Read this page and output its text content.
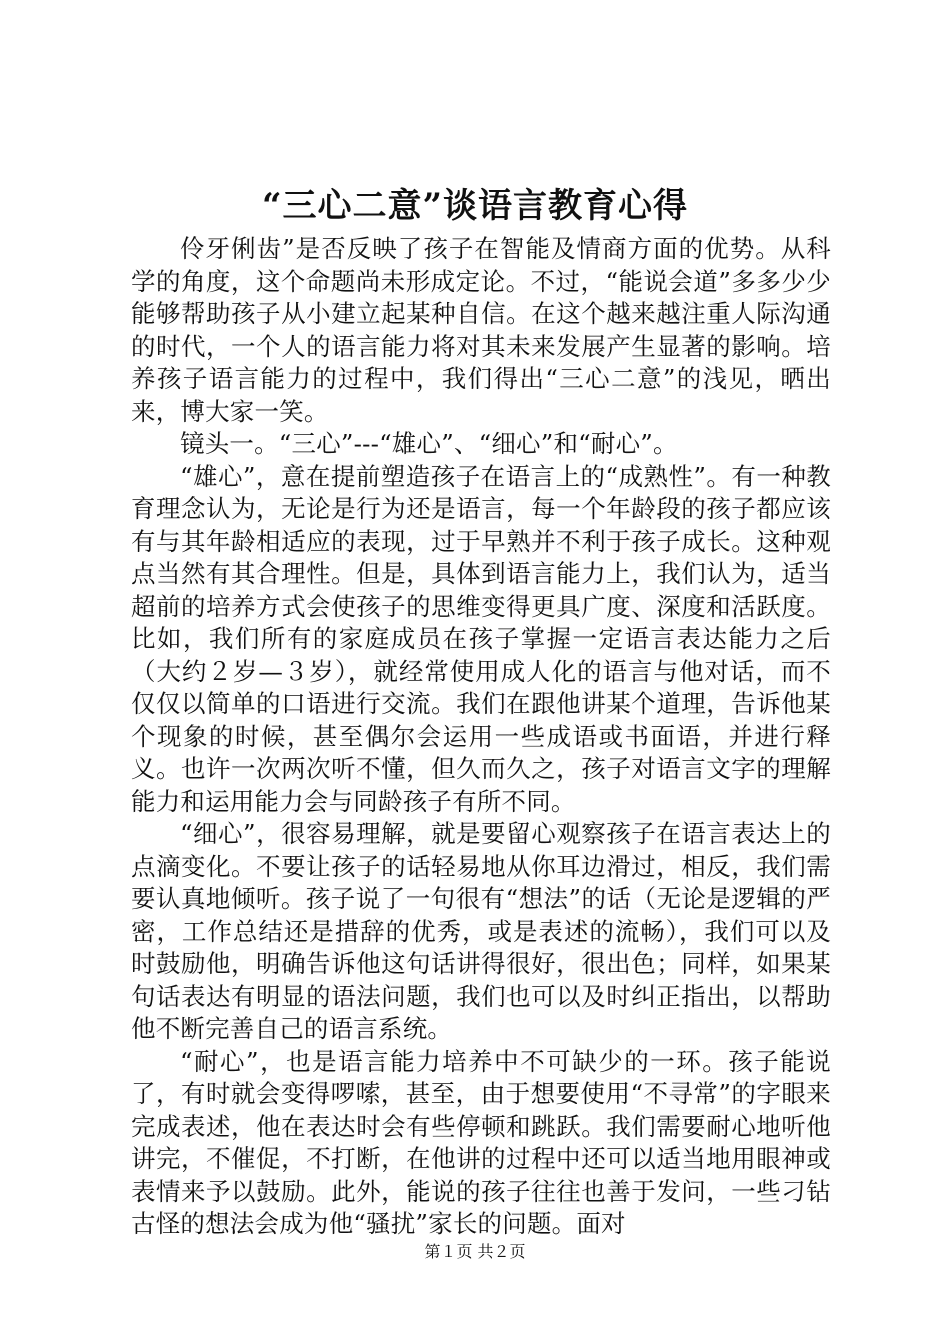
“三心二意”谈语言教育心得

伶牙俐齿”是否反映了孩子在智能及情商方面的优势。从科学的角度，这个命题尚未形成定论。不过，“能说会道”多多少少能够帮助孩子从小建立起某种自信。在这个越来越注重人际沟通的时代，一个人的语言能力将对其未来发展产生显著的影响。培养孩子语言能力的过程中，我们得出“三心二意”的浅见，晒出来，博大家一笑。

镜头一。“三心”---“雄心”、“细心”和“耐心”。

“雄心”，意在提前塑造孩子在语言上的“成熟性”。有一种教育理念认为，无论是行为还是语言，每一个年龄段的孩子都应该有与其年龄相适应的表现，过于早熟并不利于孩子成长。这种观点当然有其合理性。但是，具体到语言能力上，我们认为，适当超前的培养方式会使孩子的思维变得更具广度、深度和活跃度。比如，我们所有的家庭成员在孩子掌握一定语言表达能力之后（大约２岁—３岁），就经常使用成人化的语言与他对话，而不仅仅以简单的口语进行交流。我们在跟他讲某个道理，告诉他某个现象的时候，甚至偶尔会运用一些成语或书面语，并进行释义。也许一次两次听不懂，但久而久之，孩子对语言文字的理解能力和运用能力会与同龄孩子有所不同。

“细心”，很容易理解，就是要留心观察孩子在语言表达上的点滴变化。不要让孩子的话轻易地从你耳边滑过，相反，我们需要认真地倾听。孩子说了一句很有“想法”的话（无论是逻辑的严密，工作总结还是措辞的优秀，或是表述的流畅），我们可以及时鼓励他，明确告诉他这句话讲得很好，很出色；同样，如果某句话表达有明显的语法问题，我们也可以及时纠正指出，以帮助他不断完善自己的语言系统。

“耐心”，也是语言能力培养中不可缺少的一环。孩子能说了，有时就会变得啰嗦，甚至，由于想要使用“不寻常”的字眼来完成表述，他在表达时会有些停顿和跳跃。我们需要耐心地听他讲完，不催促，不打断，在他讲的过程中还可以适当地用眼神或表情来予以鼓励。此外，能说的孩子往往也善于发问，一些刁钻古怪的想法会成为他“骚扰”家长的问题。面对

第１页 共２页
